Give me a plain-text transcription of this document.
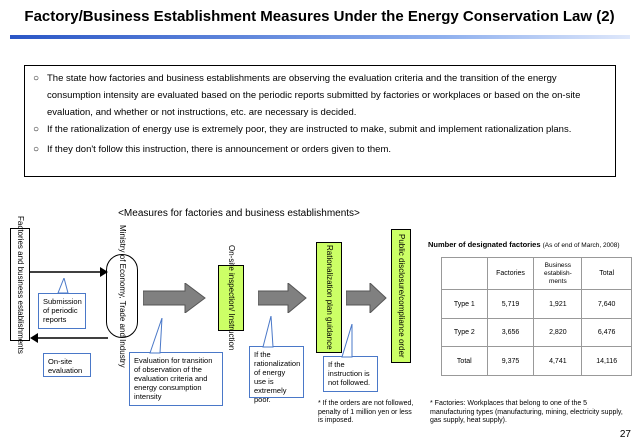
Factory/Business Establishment Measures Under the Energy Conservation Law (2)
○ The state how factories and business establishments are observing the evaluation criteria and the transition of the energy consumption intensity are evaluated based on the periodic reports submitted by factories or workplaces or based on the on-site evaluation, and whether or not instructions, etc. are necessary is decided.
○ If the rationalization of energy use is extremely poor, they are instructed to make, submit and implement rationalization plans.
○ If they don't follow this instruction, there is announcement or orders given to them.
<Measures for factories and business establishments>
Factories and business establishments	Ministry of Economy, Trade and Industry	On-site inspection/ Instruction	Rationalization plan guidance	Public disclosure/compliance order
Submission of periodic reports
On-site evaluation
Evaluation for transition of observation of the evaluation criteria and energy consumption intensity
If the rationalization of energy use is extremely poor.
If the instruction is not followed.
* If the orders are not followed, penalty of 1 million yen or less is imposed.
Number of designated factories (As of end of March, 2008)
	Factories	Business establish-ments	Total
Type 1	5,719	1,921	7,640
Type 2	3,656	2,820	6,476
Total	9,375	4,741	14,116
* Factories: Workplaces that belong to one of the 5 manufacturing types (manufacturing, mining, electricity supply, gas supply, heat supply).
27
